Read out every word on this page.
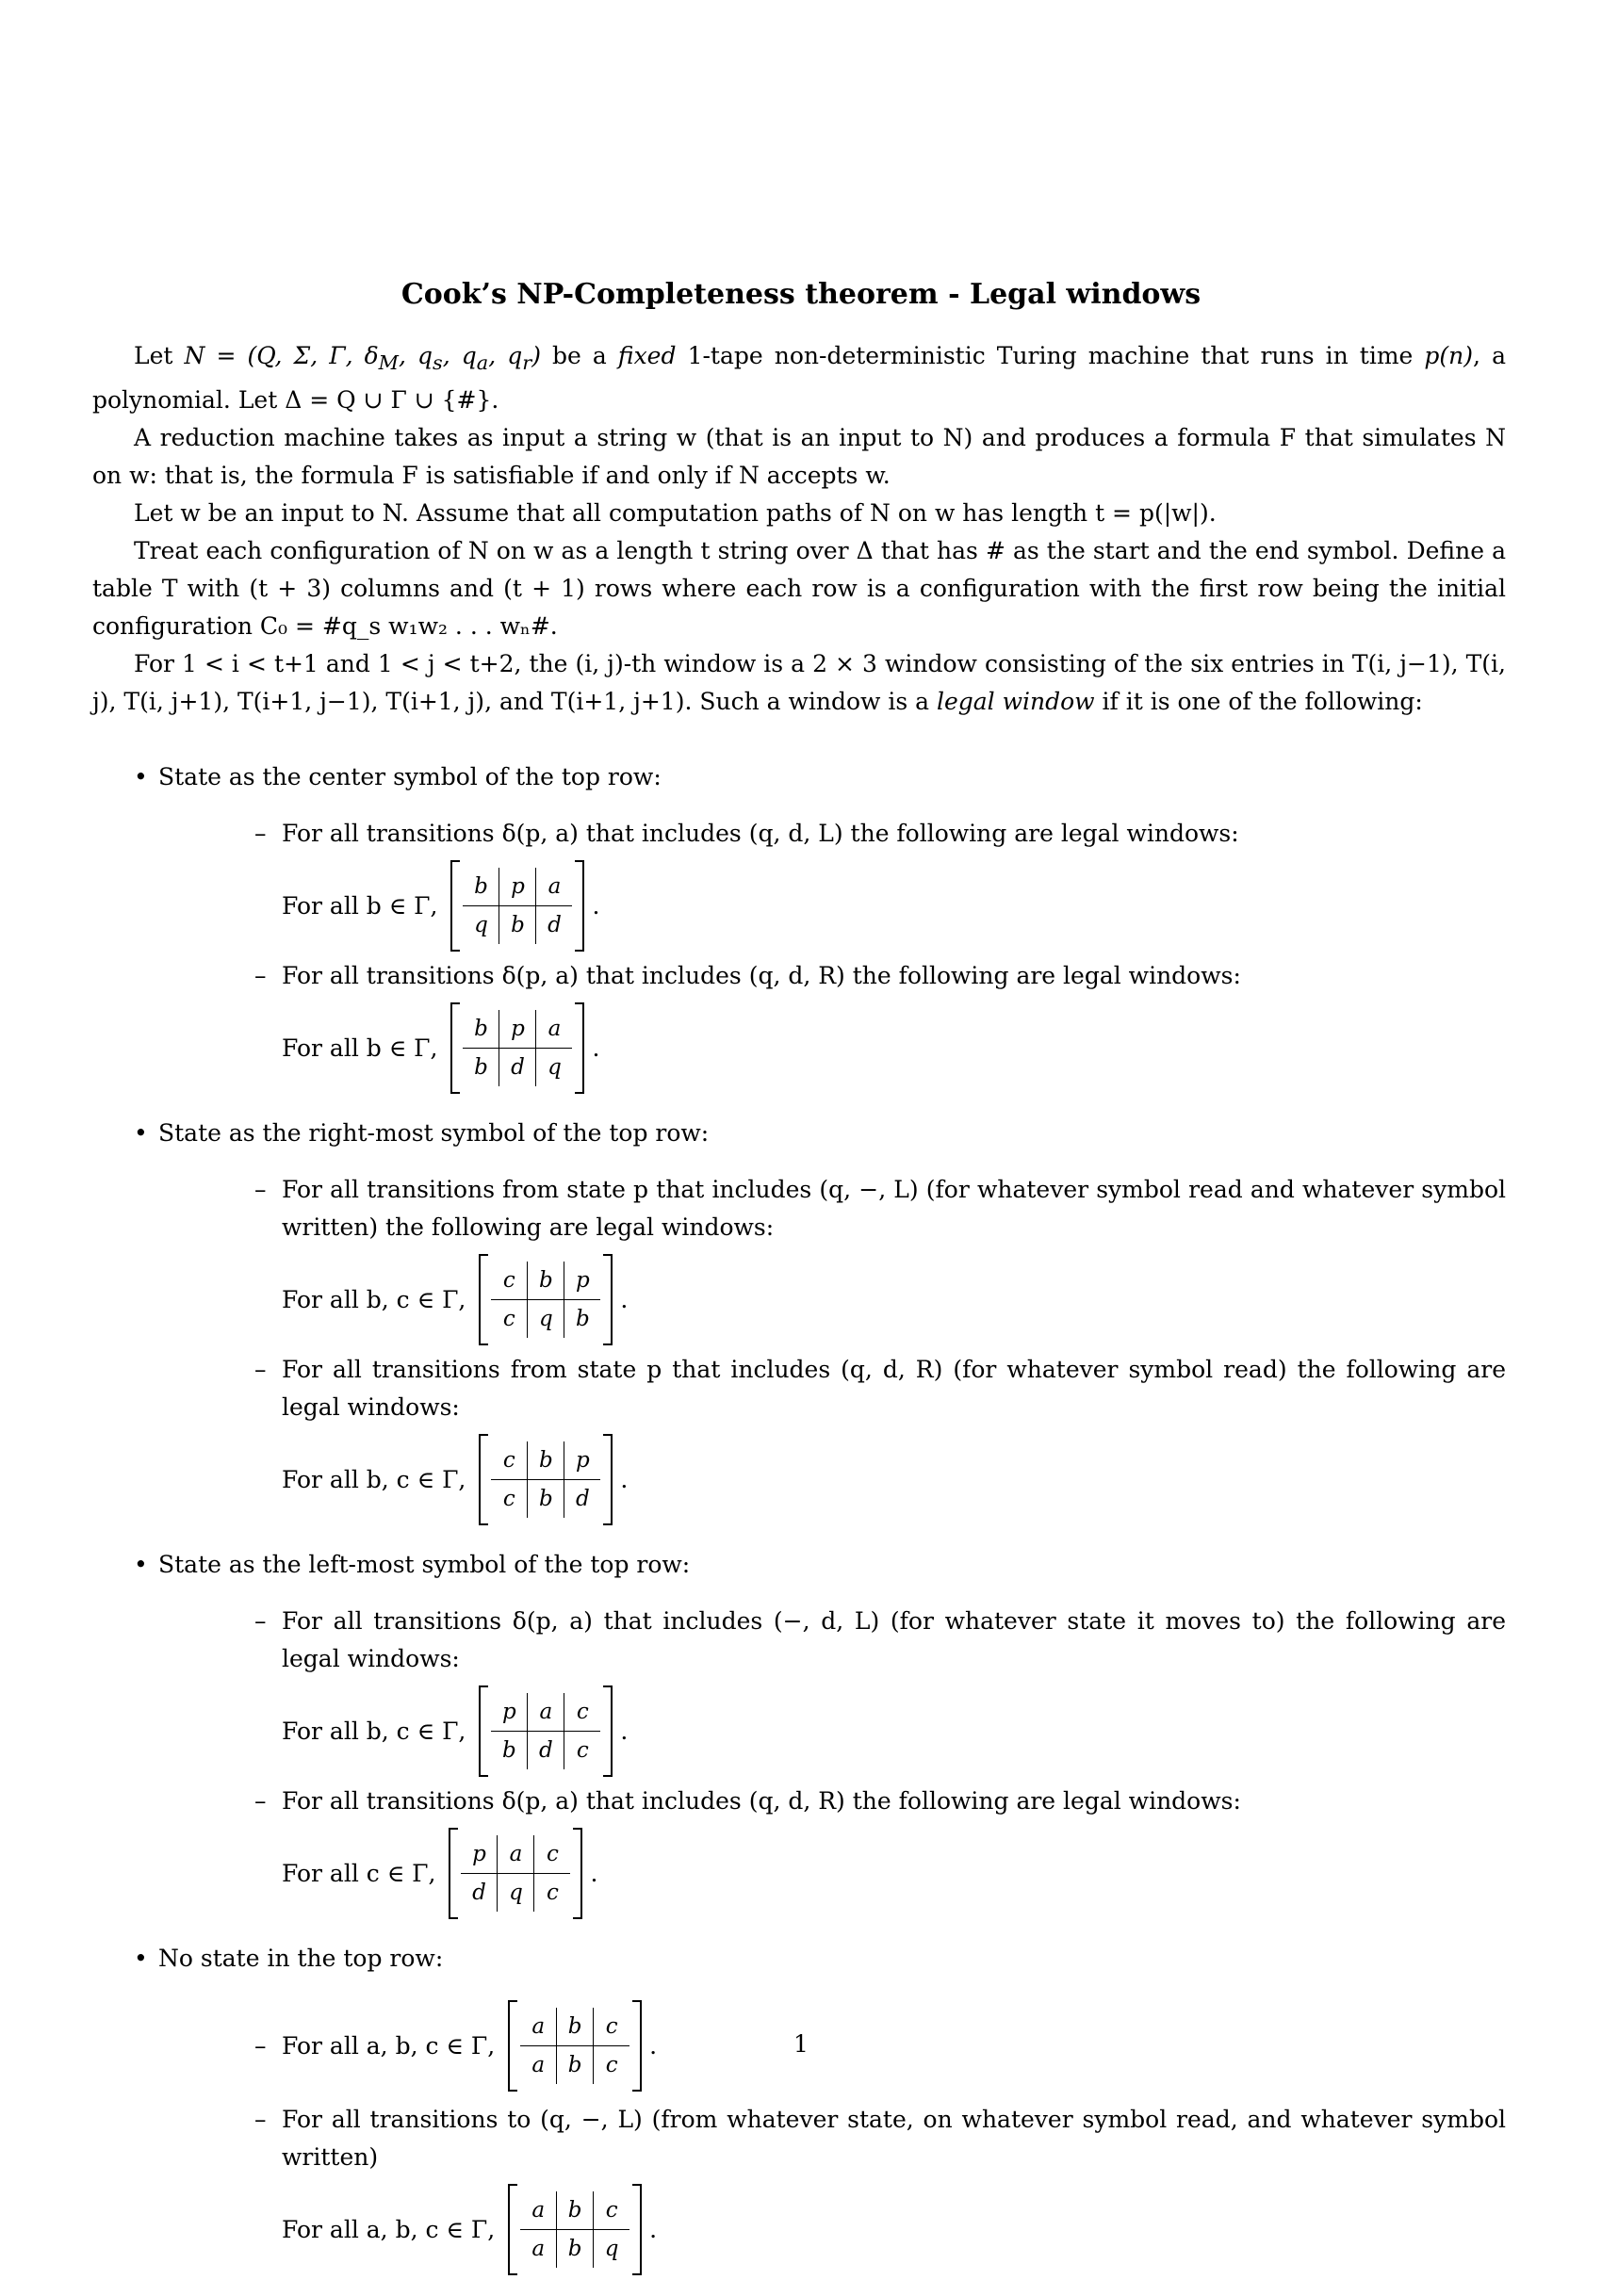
Cook’s NP-Completeness theorem - Legal windows

Let N = (Q, Σ, Γ, $\delta_M$, $q_s$, $q_a$, $q_r$) be a fixed 1-tape non-deterministic Turing machine that runs in time p(n), a polynomial. Let Δ = Q ∪ Γ ∪ {#}.

A reduction machine takes as input a string w (that is an input to N) and produces a formula F that simulates N on w: that is, the formula F is satisfiable if and only if N accepts w.

Let w be an input to N. Assume that all computation paths of N on w has length t = p(|w|).

Treat each configuration of N on w as a length t string over Δ that has # as the start and the end symbol. Define a table T with (t + 3) columns and (t + 1) rows where each row is a configuration with the first row being the initial configuration C₀ = #q_s w₁w₂ . . . wₙ#.

For 1 < i < t+1 and 1 < j < t+2, the (i, j)-th window is a 2 × 3 window consisting of the six entries in T(i, j−1), T(i, j), T(i, j+1), T(i+1, j−1), T(i+1, j), and T(i+1, j+1). Such a window is a legal window if it is one of the following:

• State as the center symbol of the top row:
– For all transitions δ(p, a) that includes (q, d, L) the following are legal windows:
For all b ∈ Γ,
b	p	a
q	b	d
.
– For all transitions δ(p, a) that includes (q, d, R) the following are legal windows:
For all b ∈ Γ,
b	p	a
b	d	q
.
• State as the right-most symbol of the top row:
– For all transitions from state p that includes (q, −, L) (for whatever symbol read and whatever symbol written) the following are legal windows:
For all b, c ∈ Γ,
c	b	p
c	q	b
.
– For all transitions from state p that includes (q, d, R) (for whatever symbol read) the following are legal windows:
For all b, c ∈ Γ,
c	b	p
c	b	d
.
• State as the left-most symbol of the top row:
– For all transitions δ(p, a) that includes (−, d, L) (for whatever state it moves to) the following are legal windows:
For all b, c ∈ Γ,
p	a	c
b	d	c
.
– For all transitions δ(p, a) that includes (q, d, R) the following are legal windows:
For all c ∈ Γ,
p	a	c
d	q	c
.
• No state in the top row:
– For all a, b, c ∈ Γ,
a	b	c
a	b	c
.
– For all transitions to (q, −, L) (from whatever state, on whatever symbol read, and whatever symbol written)
For all a, b, c ∈ Γ,
a	b	c
a	b	q
.
1
